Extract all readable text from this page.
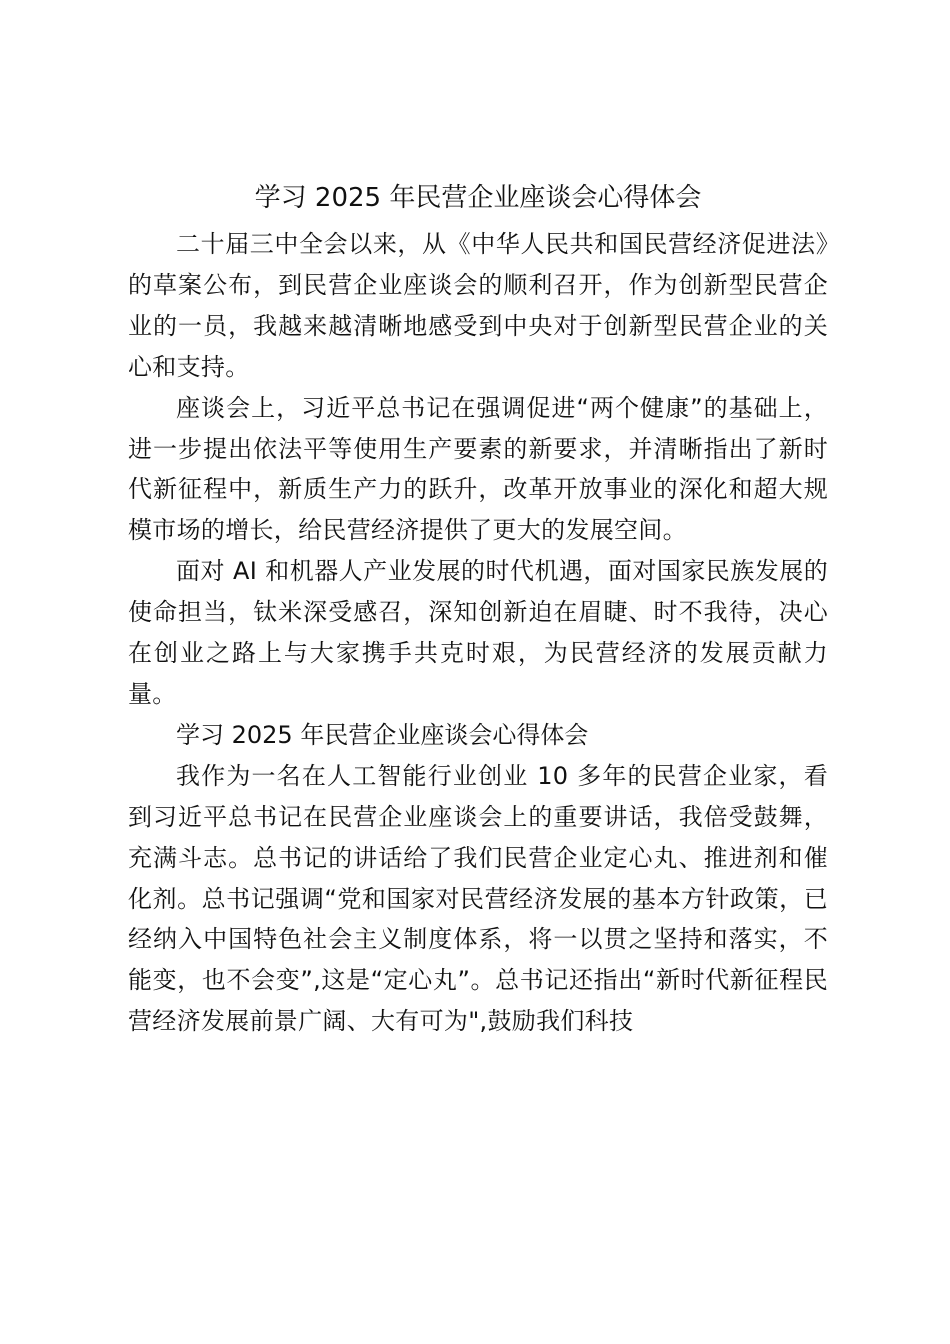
学习 2025 年民营企业座谈会心得体会

二十届三中全会以来，从《中华人民共和国民营经济促进法》的草案公布，到民营企业座谈会的顺利召开，作为创新型民营企业的一员，我越来越清晰地感受到中央对于创新型民营企业的关心和支持。

座谈会上，习近平总书记在强调促进“两个健康”的基础上，进一步提出依法平等使用生产要素的新要求，并清晰指出了新时代新征程中，新质生产力的跃升，改革开放事业的深化和超大规模市场的增长，给民营经济提供了更大的发展空间。

面对 AI 和机器人产业发展的时代机遇，面对国家民族发展的使命担当，钛米深受感召，深知创新迫在眉睫、时不我待，决心在创业之路上与大家携手共克时艰，为民营经济的发展贡献力量。

学习 2025 年民营企业座谈会心得体会

我作为一名在人工智能行业创业 10 多年的民营企业家，看到习近平总书记在民营企业座谈会上的重要讲话，我倍受鼓舞，充满斗志。总书记的讲话给了我们民营企业定心丸、推进剂和催化剂。总书记强调“党和国家对民营经济发展的基本方针政策，已经纳入中国特色社会主义制度体系，将一以贯之坚持和落实，不能变，也不会变”,这是“定心丸”。总书记还指出“新时代新征程民营经济发展前景广阔、大有可为",鼓励我们科技
